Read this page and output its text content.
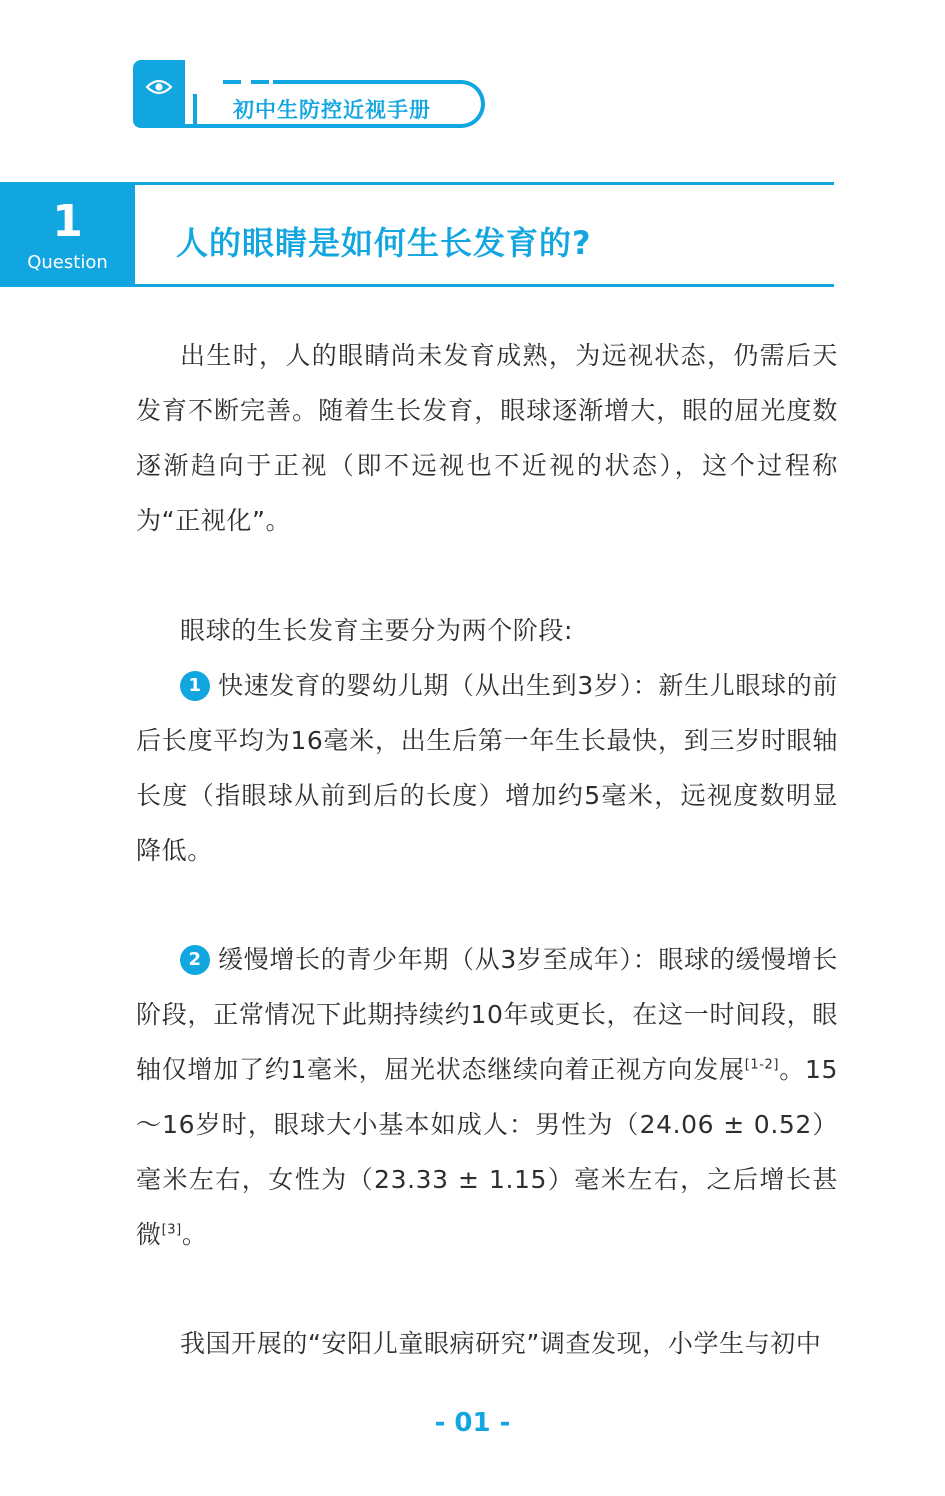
初中生防控近视手册
1
Question
人的眼睛是如何生长发育的?
出生时，人的眼睛尚未发育成熟，为远视状态，仍需后天发育不断完善。随着生长发育，眼球逐渐增大，眼的屈光度数逐渐趋向于正视（即不远视也不近视的状态），这个过程称为“正视化”。
眼球的生长发育主要分为两个阶段:
1 快速发育的婴幼儿期（从出生到3岁）：新生儿眼球的前后长度平均为16毫米，出生后第一年生长最快，到三岁时眼轴长度（指眼球从前到后的长度）增加约5毫米，远视度数明显降低。
2 缓慢增长的青少年期（从3岁至成年）：眼球的缓慢增长阶段，正常情况下此期持续约10年或更长，在这一时间段，眼轴仅增加了约1毫米，屈光状态继续向着正视方向发展[1-2]。15～16岁时，眼球大小基本如成人：男性为（24.06 ± 0.52）毫米左右，女性为（23.33 ± 1.15）毫米左右，之后增长甚微[3]。
我国开展的“安阳儿童眼病研究”调查发现，小学生与初中
- 01 -
